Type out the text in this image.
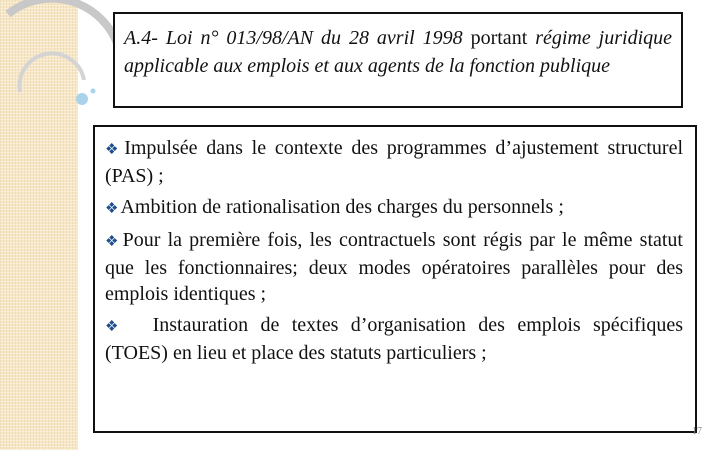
A.4- Loi n° 013/98/AN du 28 avril 1998 portant régime juridique applicable aux emplois et aux agents de la fonction publique

❖ Impulsée dans le contexte des programmes d’ajustement structurel (PAS) ;

❖ Ambition de rationalisation des charges du personnels ;

❖ Pour la première fois, les contractuels sont régis par le même statut que les fonctionnaires; deux modes opératoires parallèles pour des emplois identiques ;

❖ Instauration de textes d’organisation des emplois spécifiques (TOES) en lieu et place des statuts particuliers ;

17
